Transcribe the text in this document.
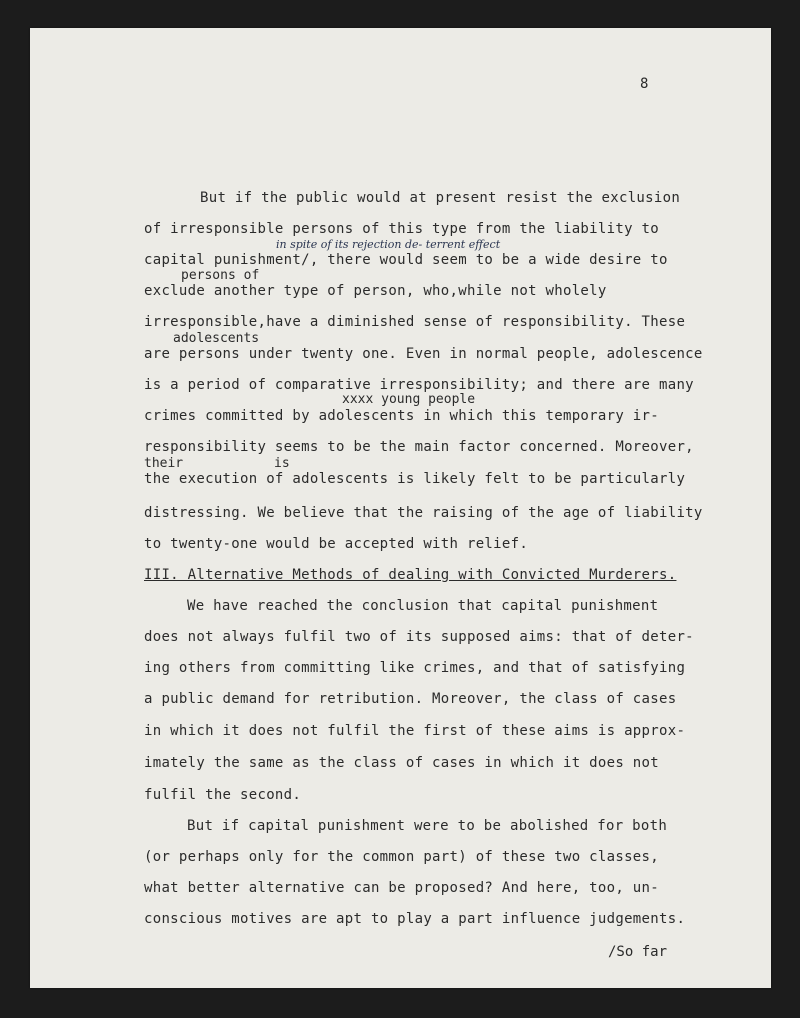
8
But if the public would at present resist the exclusion
of irresponsible persons of this type from the liability to
in spite of its rejection de- terrent effect
capital punishment/, there would seem to be a wide desire to
persons of
exclude another type of person, who,while not wholely
irresponsible,have a diminished sense of responsibility. These
adolescents
are persons under twenty one. Even in normal people, adolescence
is a period of comparative irresponsibility; and there are many
xxxx young people
crimes committed by adolescents in which this temporary ir-
responsibility seems to be the main factor concerned. Moreover,
their	is
the execution of adolescents is likely felt to be particularly
distressing. We believe that the raising of the age of liability
to twenty-one would be accepted with relief.
III. Alternative Methods of dealing with Convicted Murderers.
We have reached the conclusion that capital punishment
does not always fulfil two of its supposed aims: that of deter-
ing others from committing like crimes, and that of satisfying
a public demand for retribution. Moreover, the class of cases
in which it does not fulfil the first of these aims is approx-
imately the same as the class of cases in which it does not
fulfil the second.
But if capital punishment were to be abolished for both
(or perhaps only for the common part) of these two classes,
what better alternative can be proposed? And here, too, un-
conscious motives are apt to play a part influence judgements.
/So far
